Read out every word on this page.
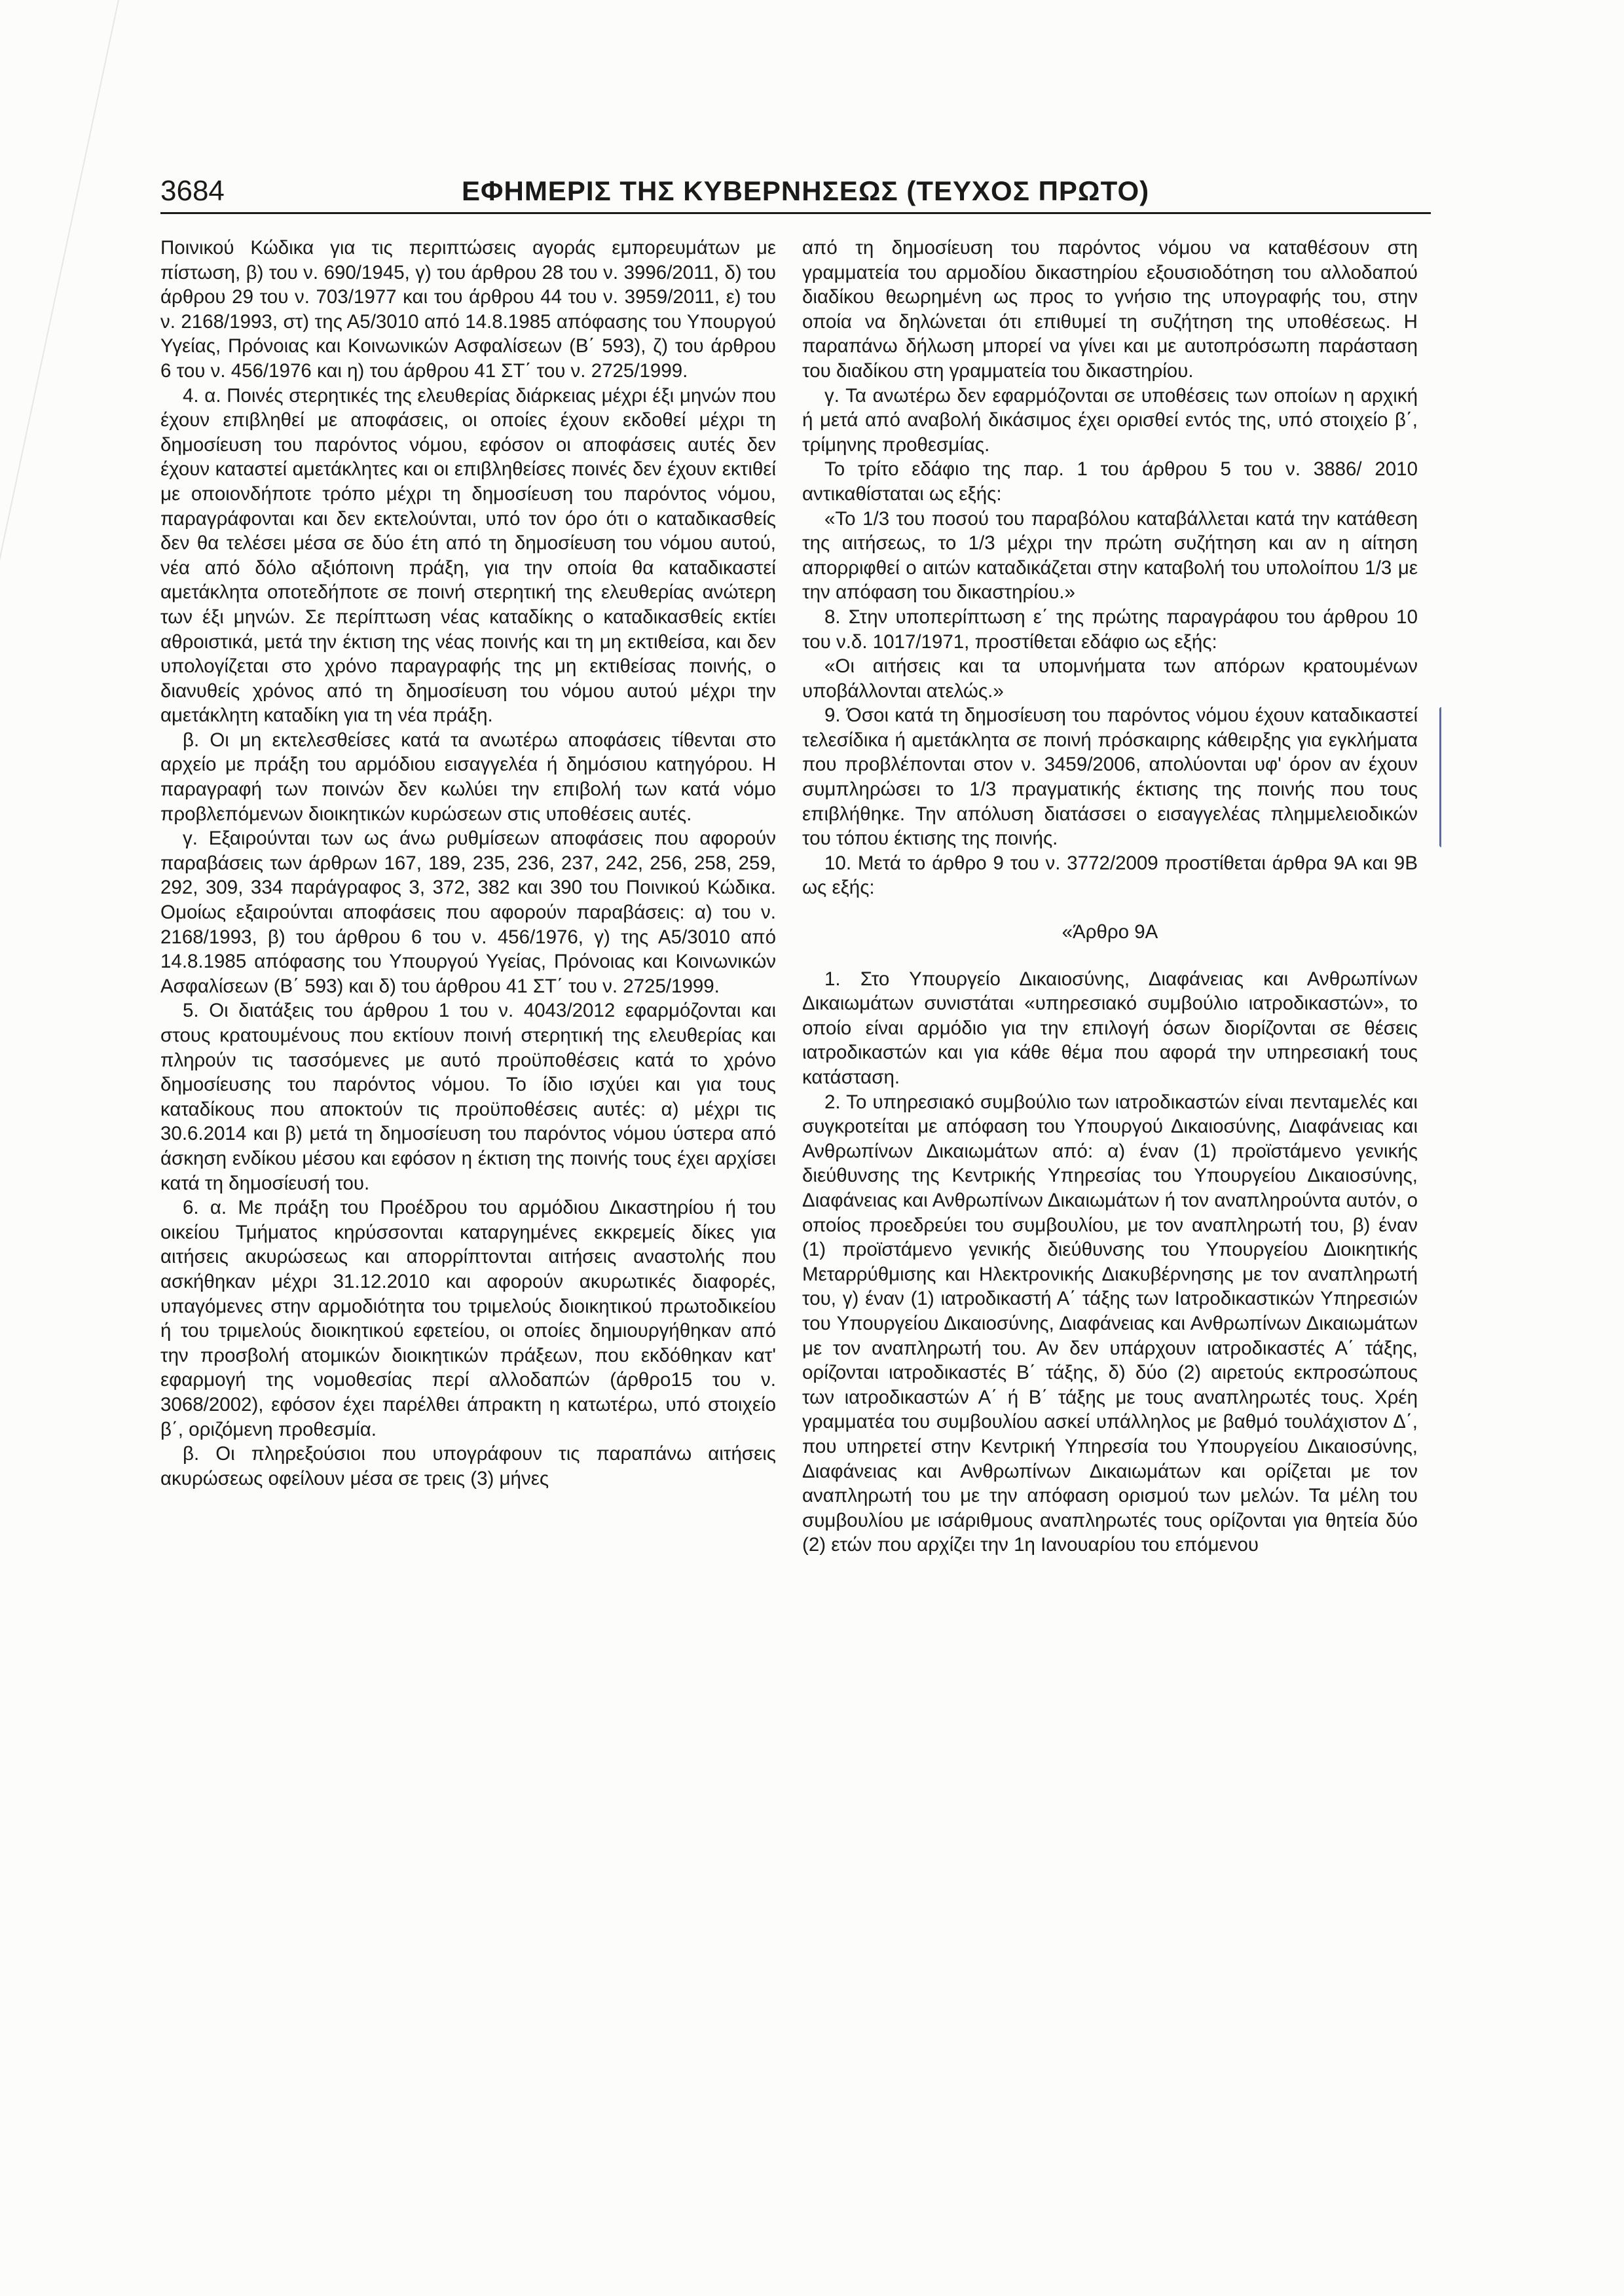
3684	ΕΦΗΜΕΡΙΣ ΤΗΣ ΚΥΒΕΡΝΗΣΕΩΣ (ΤΕΥΧΟΣ ΠΡΩΤΟ)

Ποινικού Κώδικα για τις περιπτώσεις αγοράς εμπορευμάτων με πίστωση, β) του ν. 690/1945, γ) του άρθρου 28 του ν. 3996/2011, δ) του άρθρου 29 του ν. 703/1977 και του άρθρου 44 του ν. 3959/2011, ε) του ν. 2168/1993, στ) της Α5/3010 από 14.8.1985 απόφασης του Υπουργού Υγείας, Πρόνοιας και Κοινωνικών Ασφαλίσεων (Β΄ 593), ζ) του άρθρου 6 του ν. 456/1976 και η) του άρθρου 41 ΣΤ΄ του ν. 2725/1999.

4. α. Ποινές στερητικές της ελευθερίας διάρκειας μέχρι έξι μηνών που έχουν επιβληθεί με αποφάσεις, οι οποίες έχουν εκδοθεί μέχρι τη δημοσίευση του παρόντος νόμου, εφόσον οι αποφάσεις αυτές δεν έχουν καταστεί αμετάκλητες και οι επιβληθείσες ποινές δεν έχουν εκτιθεί με οποιονδήποτε τρόπο μέχρι τη δημοσίευση του παρόντος νόμου, παραγράφονται και δεν εκτελούνται, υπό τον όρο ότι ο καταδικασθείς δεν θα τελέσει μέσα σε δύο έτη από τη δημοσίευση του νόμου αυτού, νέα από δόλο αξιόποινη πράξη, για την οποία θα καταδικαστεί αμετάκλητα οποτεδήποτε σε ποινή στερητική της ελευθερίας ανώτερη των έξι μηνών. Σε περίπτωση νέας καταδίκης ο καταδικασθείς εκτίει αθροιστικά, μετά την έκτιση της νέας ποινής και τη μη εκτιθείσα, και δεν υπολογίζεται στο χρόνο παραγραφής της μη εκτιθείσας ποινής, ο διανυθείς χρόνος από τη δημοσίευση του νόμου αυτού μέχρι την αμετάκλητη καταδίκη για τη νέα πράξη.

β. Οι μη εκτελεσθείσες κατά τα ανωτέρω αποφάσεις τίθενται στο αρχείο με πράξη του αρμόδιου εισαγγελέα ή δημόσιου κατηγόρου. Η παραγραφή των ποινών δεν κωλύει την επιβολή των κατά νόμο προβλεπόμενων διοικητικών κυρώσεων στις υποθέσεις αυτές.

γ. Εξαιρούνται των ως άνω ρυθμίσεων αποφάσεις που αφορούν παραβάσεις των άρθρων 167, 189, 235, 236, 237, 242, 256, 258, 259, 292, 309, 334 παράγραφος 3, 372, 382 και 390 του Ποινικού Κώδικα. Ομοίως εξαιρούνται αποφάσεις που αφορούν παραβάσεις: α) του ν. 2168/1993, β) του άρθρου 6 του ν. 456/1976, γ) της Α5/3010 από 14.8.1985 απόφασης του Υπουργού Υγείας, Πρόνοιας και Κοινωνικών Ασφαλίσεων (Β΄ 593) και δ) του άρθρου 41 ΣΤ΄ του ν. 2725/1999.

5. Οι διατάξεις του άρθρου 1 του ν. 4043/2012 εφαρμόζονται και στους κρατουμένους που εκτίουν ποινή στερητική της ελευθερίας και πληρούν τις τασσόμενες με αυτό προϋποθέσεις κατά το χρόνο δημοσίευσης του παρόντος νόμου. Το ίδιο ισχύει και για τους καταδίκους που αποκτούν τις προϋποθέσεις αυτές: α) μέχρι τις 30.6.2014 και β) μετά τη δημοσίευση του παρόντος νόμου ύστερα από άσκηση ενδίκου μέσου και εφόσον η έκτιση της ποινής τους έχει αρχίσει κατά τη δημοσίευσή του.

6. α. Με πράξη του Προέδρου του αρμόδιου Δικαστηρίου ή του οικείου Τμήματος κηρύσσονται καταργημένες εκκρεμείς δίκες για αιτήσεις ακυρώσεως και απορρίπτονται αιτήσεις αναστολής που ασκήθηκαν μέχρι 31.12.2010 και αφορούν ακυρωτικές διαφορές, υπαγόμενες στην αρμοδιότητα του τριμελούς διοικητικού πρωτοδικείου ή του τριμελούς διοικητικού εφετείου, οι οποίες δημιουργήθηκαν από την προσβολή ατομικών διοικητικών πράξεων, που εκδόθηκαν κατ' εφαρμογή της νομοθεσίας περί αλλοδαπών (άρθρο15 του ν. 3068/2002), εφόσον έχει παρέλθει άπρακτη η κατωτέρω, υπό στοιχείο β΄, οριζόμενη προθεσμία.

β. Οι πληρεξούσιοι που υπογράφουν τις παραπάνω αιτήσεις ακυρώσεως οφείλουν μέσα σε τρεις (3) μήνες

από τη δημοσίευση του παρόντος νόμου να καταθέσουν στη γραμματεία του αρμοδίου δικαστηρίου εξουσιοδότηση του αλλοδαπού διαδίκου θεωρημένη ως προς το γνήσιο της υπογραφής του, στην οποία να δηλώνεται ότι επιθυμεί τη συζήτηση της υποθέσεως. Η παραπάνω δήλωση μπορεί να γίνει και με αυτοπρόσωπη παράσταση του διαδίκου στη γραμματεία του δικαστηρίου.

γ. Τα ανωτέρω δεν εφαρμόζονται σε υποθέσεις των οποίων η αρχική ή μετά από αναβολή δικάσιμος έχει ορισθεί εντός της, υπό στοιχείο β΄, τρίμηνης προθεσμίας.

Το τρίτο εδάφιο της παρ. 1 του άρθρου 5 του ν. 3886/ 2010 αντικαθίσταται ως εξής:

«Το 1/3 του ποσού του παραβόλου καταβάλλεται κατά την κατάθεση της αιτήσεως, το 1/3 μέχρι την πρώτη συζήτηση και αν η αίτηση απορριφθεί ο αιτών καταδικάζεται στην καταβολή του υπολοίπου 1/3 με την απόφαση του δικαστηρίου.»

8. Στην υποπερίπτωση ε΄ της πρώτης παραγράφου του άρθρου 10 του ν.δ. 1017/1971, προστίθεται εδάφιο ως εξής:

«Οι αιτήσεις και τα υπομνήματα των απόρων κρατουμένων υποβάλλονται ατελώς.»

9. Όσοι κατά τη δημοσίευση του παρόντος νόμου έχουν καταδικαστεί τελεσίδικα ή αμετάκλητα σε ποινή πρόσκαιρης κάθειρξης για εγκλήματα που προβλέπονται στον ν. 3459/2006, απολύονται υφ' όρον αν έχουν συμπληρώσει το 1/3 πραγματικής έκτισης της ποινής που τους επιβλήθηκε. Την απόλυση διατάσσει ο εισαγγελέας πλημμελειοδικών του τόπου έκτισης της ποινής.

10. Μετά το άρθρο 9 του ν. 3772/2009 προστίθεται άρθρα 9Α και 9Β ως εξής:

«Άρθρο 9Α

1. Στο Υπουργείο Δικαιοσύνης, Διαφάνειας και Ανθρωπίνων Δικαιωμάτων συνιστάται «υπηρεσιακό συμβούλιο ιατροδικαστών», το οποίο είναι αρμόδιο για την επιλογή όσων διορίζονται σε θέσεις ιατροδικαστών και για κάθε θέμα που αφορά την υπηρεσιακή τους κατάσταση.

2. Το υπηρεσιακό συμβούλιο των ιατροδικαστών είναι πενταμελές και συγκροτείται με απόφαση του Υπουργού Δικαιοσύνης, Διαφάνειας και Ανθρωπίνων Δικαιωμάτων από: α) έναν (1) προϊστάμενο γενικής διεύθυνσης της Κεντρικής Υπηρεσίας του Υπουργείου Δικαιοσύνης, Διαφάνειας και Ανθρωπίνων Δικαιωμάτων ή τον αναπληρούντα αυτόν, ο οποίος προεδρεύει του συμβουλίου, με τον αναπληρωτή του, β) έναν (1) προϊστάμενο γενικής διεύθυνσης του Υπουργείου Διοικητικής Μεταρρύθμισης και Ηλεκτρονικής Διακυβέρνησης με τον αναπληρωτή του, γ) έναν (1) ιατροδικαστή Α΄ τάξης των Ιατροδικαστικών Υπηρεσιών του Υπουργείου Δικαιοσύνης, Διαφάνειας και Ανθρωπίνων Δικαιωμάτων με τον αναπληρωτή του. Αν δεν υπάρχουν ιατροδικαστές Α΄ τάξης, ορίζονται ιατροδικαστές Β΄ τάξης, δ) δύο (2) αιρετούς εκπροσώπους των ιατροδικαστών Α΄ ή Β΄ τάξης με τους αναπληρωτές τους. Χρέη γραμματέα του συμβουλίου ασκεί υπάλληλος με βαθμό τουλάχιστον Δ΄, που υπηρετεί στην Κεντρική Υπηρεσία του Υπουργείου Δικαιοσύνης, Διαφάνειας και Ανθρωπίνων Δικαιωμάτων και ορίζεται με τον αναπληρωτή του με την απόφαση ορισμού των μελών. Τα μέλη του συμβουλίου με ισάριθμους αναπληρωτές τους ορίζονται για θητεία δύο (2) ετών που αρχίζει την 1η Ιανουαρίου του επόμενου
